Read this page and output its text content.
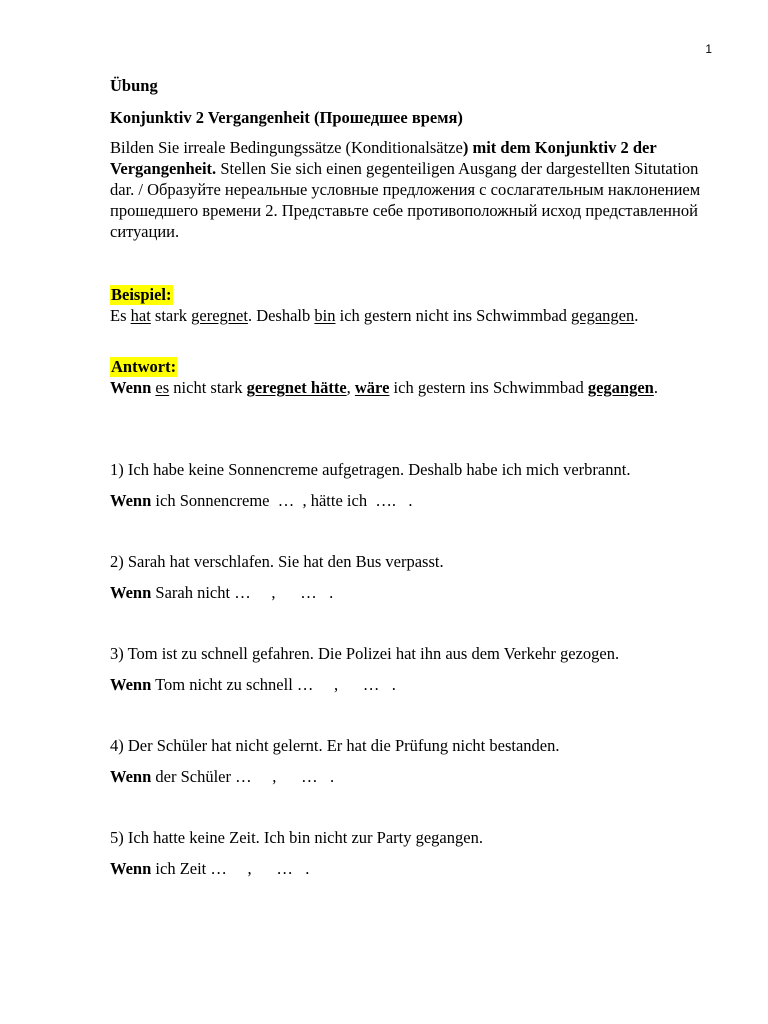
1

Übung

Konjunktiv 2 Vergangenheit (Прошедшее время)

Bilden Sie irreale Bedingungssätze (Konditionalsätze) mit dem Konjunktiv 2 der Vergangenheit. Stellen Sie sich einen gegenteiligen Ausgang der dargestellten Situtation dar. / Образуйте нереальные условные предложения с сослагательным наклонением прошедшего времени 2. Представьте себе противоположный исход представленной ситуации.

Beispiel:

Es hat stark geregnet. Deshalb bin ich gestern nicht ins Schwimmbad gegangen.

Antwort:

Wenn es nicht stark geregnet hätte, wäre ich gestern ins Schwimmbad gegangen.

1) Ich habe keine Sonnencreme aufgetragen. Deshalb habe ich mich verbrannt.

Wenn ich Sonnencreme  …  , hätte ich  ….   .

2) Sarah hat verschlafen. Sie hat den Bus verpasst.

Wenn Sarah nicht …     ,      …   .

3) Tom ist zu schnell gefahren. Die Polizei hat ihn aus dem Verkehr gezogen.

Wenn Tom nicht zu schnell …     ,      …   .

4) Der Schüler hat nicht gelernt. Er hat die Prüfung nicht bestanden.

Wenn der Schüler …     ,      …   .

5) Ich hatte keine Zeit. Ich bin nicht zur Party gegangen.

Wenn ich Zeit …     ,      …   .
